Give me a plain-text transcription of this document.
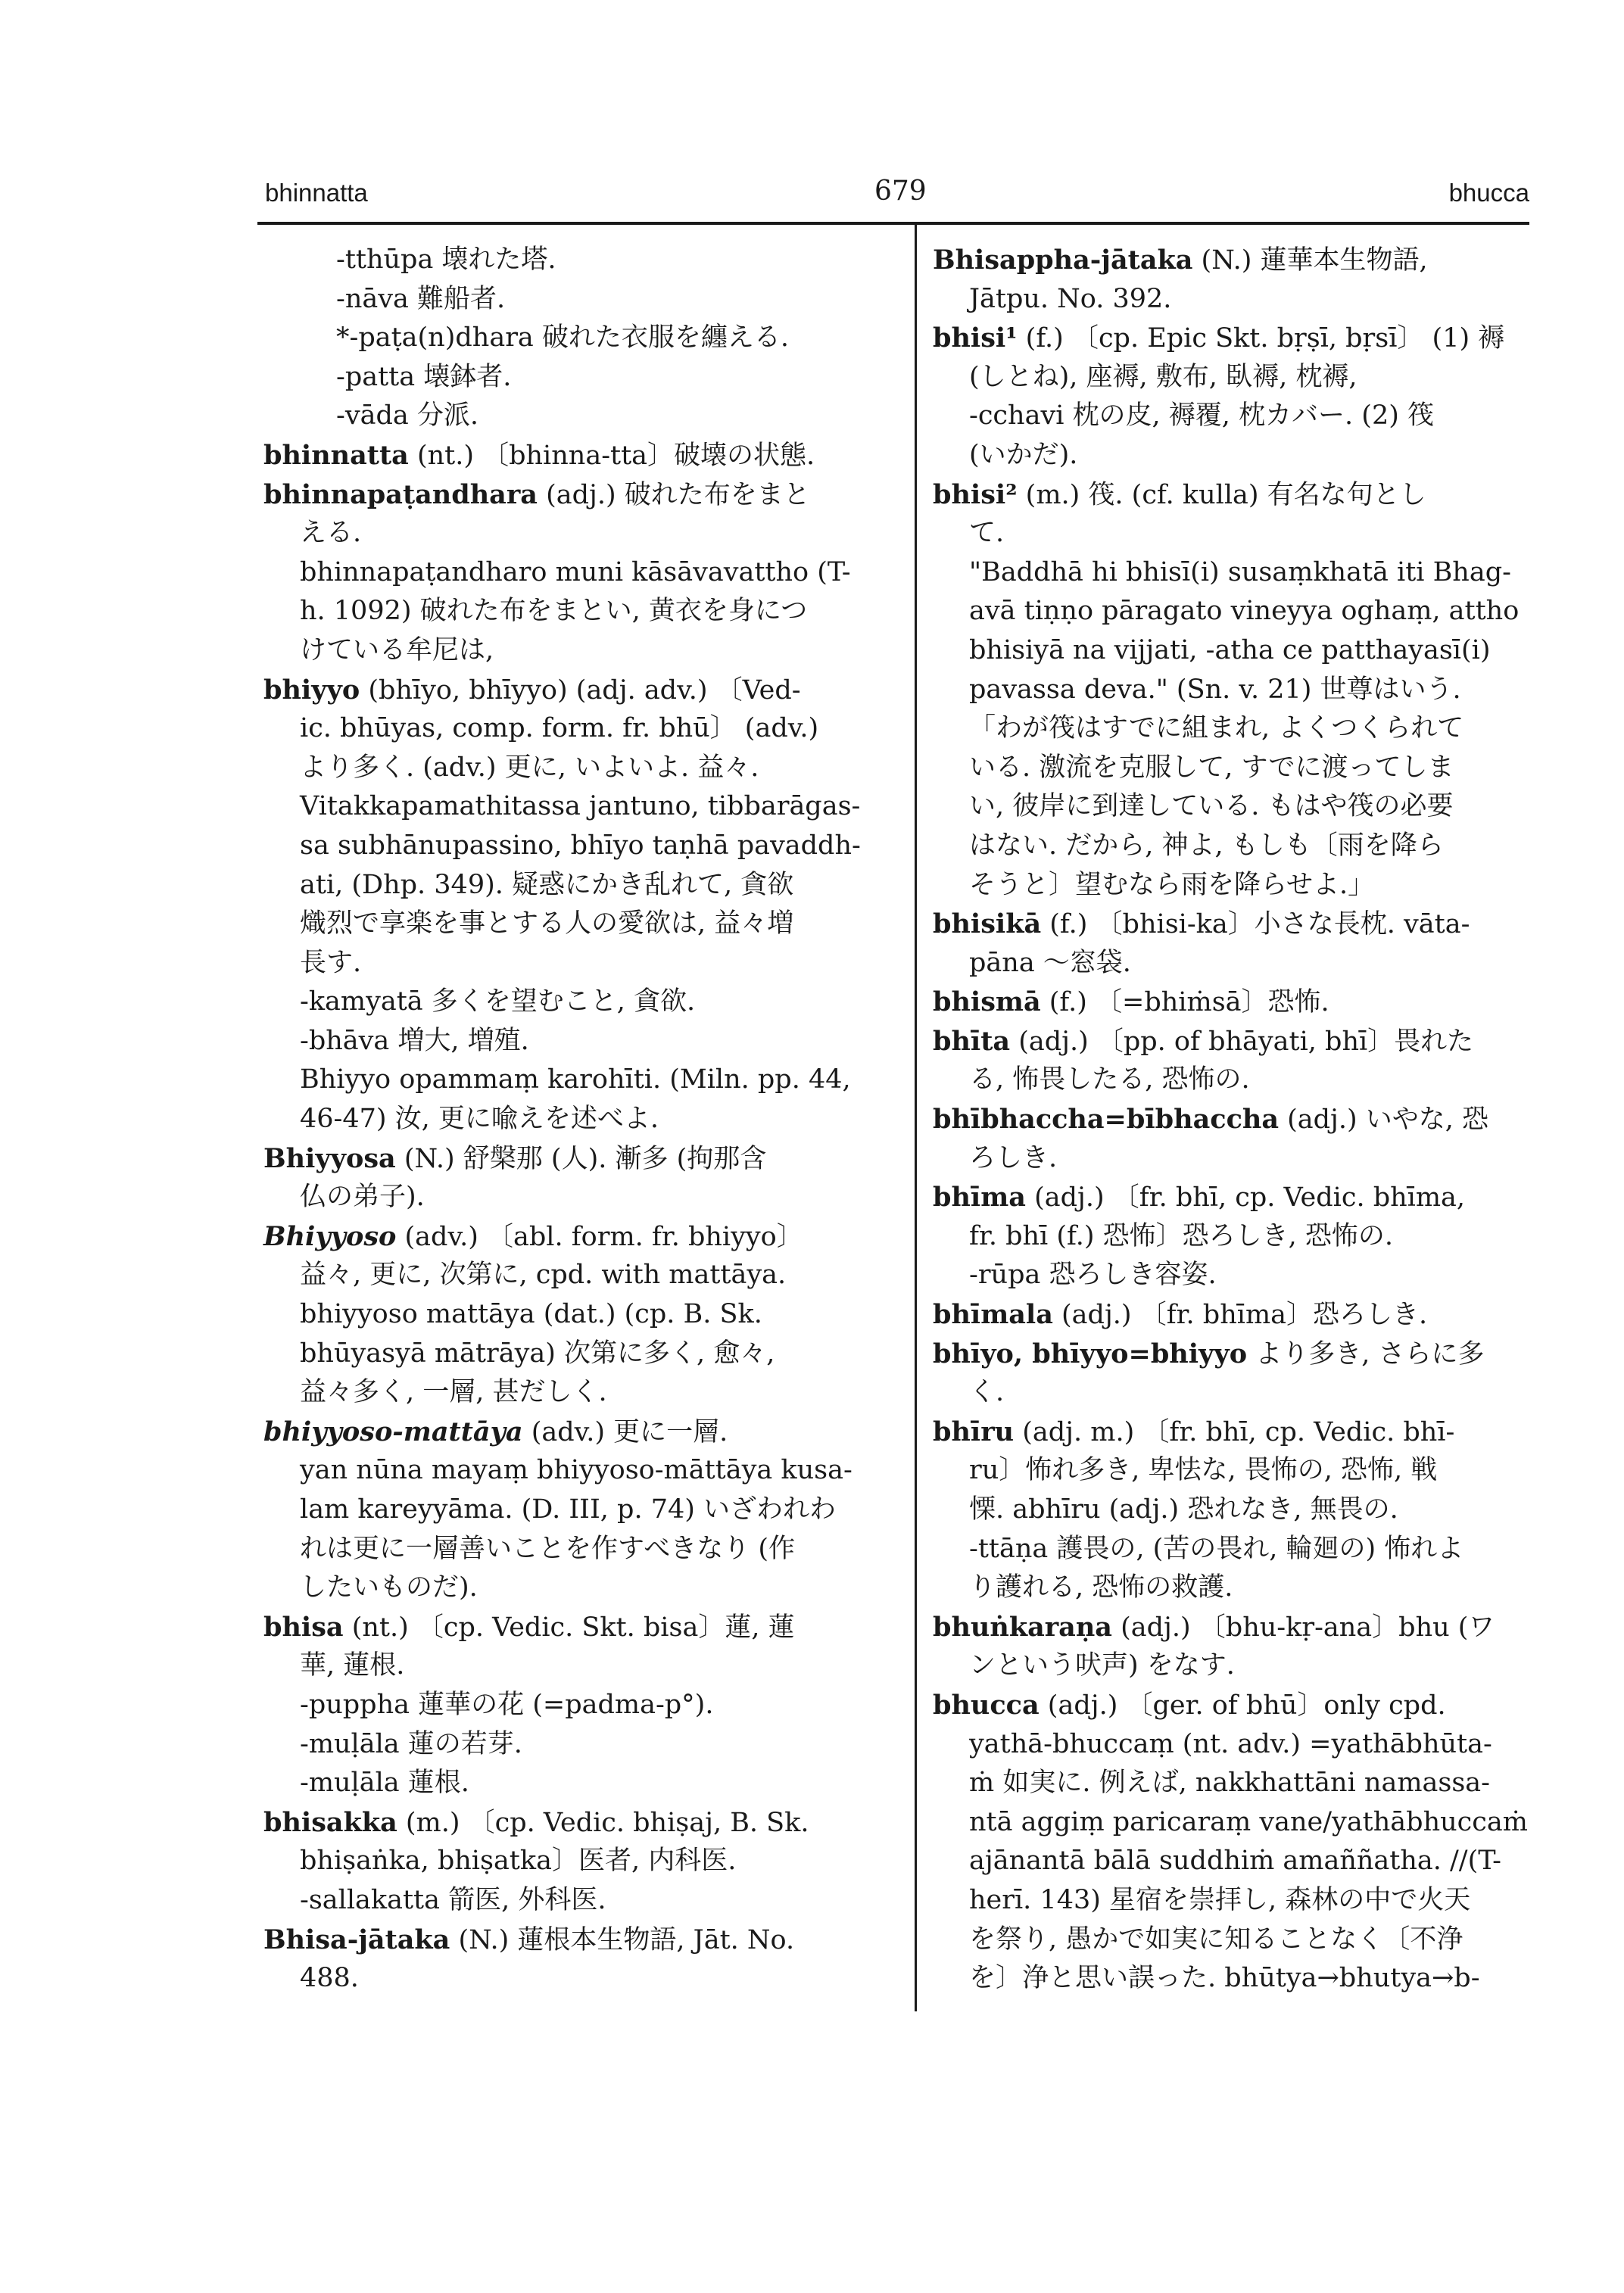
bhinnatta	679	bhucca
-tthūpa 壊れた塔.
-nāva 難船者.
*-paṭa(n)dhara 破れた衣服を纏える.
-patta 壊鉢者.
-vāda 分派.
bhinnatta (nt.) 〔bhinna-tta〕破壊の状態.
bhinnapaṭandhara (adj.) 破れた布をまと
える.
bhinnapaṭandharo muni kāsāvavattho (T-
h. 1092) 破れた布をまとい, 黄衣を身につ
けている牟尼は,
bhiyyo (bhīyo, bhīyyo) (adj. adv.) 〔Ved-
ic. bhūyas, comp. form. fr. bhū〕 (adv.)
より多く. (adv.) 更に, いよいよ. 益々.
Vitakkapamathitassa jantuno, tibbarāgas-
sa subhānupassino, bhīyo taṇhā pavaddh-
ati, (Dhp. 349). 疑惑にかき乱れて, 貪欲
熾烈で享楽を事とする人の愛欲は, 益々増
長す.
-kamyatā 多くを望むこと, 貪欲.
-bhāva 増大, 増殖.
Bhiyyo opammaṃ karohīti. (Miln. pp. 44,
46-47) 汝, 更に喩えを述べよ.
Bhiyyosa (N.) 舒槃那 (人). 漸多 (拘那含
仏の弟子).
Bhiyyoso (adv.) 〔abl. form. fr. bhiyyo〕
益々, 更に, 次第に, cpd. with mattāya.
bhiyyoso mattāya (dat.) (cp. B. Sk.
bhūyasyā mātrāya) 次第に多く, 愈々,
益々多く, 一層, 甚だしく.
bhiyyoso-mattāya (adv.) 更に一層.
yan nūna mayaṃ bhiyyoso-māttāya kusa-
lam kareyyāma. (D. III, p. 74) いざわれわ
れは更に一層善いことを作すべきなり (作
したいものだ).
bhisa (nt.) 〔cp. Vedic. Skt. bisa〕蓮, 蓮
華, 蓮根.
-puppha 蓮華の花 (=padma-p°).
-muḷāla 蓮の若芽.
-muḷāla 蓮根.
bhisakka (m.) 〔cp. Vedic. bhiṣaj, B. Sk.
bhiṣaṅka, bhiṣatka〕医者, 内科医.
-sallakatta 箭医, 外科医.
Bhisa-jātaka (N.) 蓮根本生物語, Jāt. No.
488.
Bhisappha-jātaka (N.) 蓮華本生物語,
Jātpu. No. 392.
bhisi¹ (f.) 〔cp. Epic Skt. bṛṣī, bṛsī〕 (1) 褥
(しとね), 座褥, 敷布, 臥褥, 枕褥,
-cchavi 枕の皮, 褥覆, 枕カバー. (2) 筏
(いかだ).
bhisi² (m.) 筏. (cf. kulla) 有名な句とし
て.
"Baddhā hi bhisī(i) susaṃkhatā iti Bhag-
avā tiṇṇo pāragato vineyya oghaṃ, attho
bhisiyā na vijjati, -atha ce patthayasī(i)
pavassa deva." (Sn. v. 21) 世尊はいう.
「わが筏はすでに組まれ, よくつくられて
いる. 激流を克服して, すでに渡ってしま
い, 彼岸に到達している. もはや筏の必要
はない. だから, 神よ, もしも〔雨を降ら
そうと〕望むなら雨を降らせよ.」
bhisikā (f.) 〔bhisi-ka〕小さな長枕. vāta-
pāna 〜窓袋.
bhismā (f.) 〔=bhiṁsā〕恐怖.
bhīta (adj.) 〔pp. of bhāyati, bhī〕畏れた
る, 怖畏したる, 恐怖の.
bhībhaccha=bībhaccha (adj.) いやな, 恐
ろしき.
bhīma (adj.) 〔fr. bhī, cp. Vedic. bhīma,
fr. bhī (f.) 恐怖〕恐ろしき, 恐怖の.
-rūpa 恐ろしき容姿.
bhīmala (adj.) 〔fr. bhīma〕恐ろしき.
bhīyo, bhīyyo=bhiyyo より多き, さらに多
く.
bhīru (adj. m.) 〔fr. bhī, cp. Vedic. bhī-
ru〕怖れ多き, 卑怯な, 畏怖の, 恐怖, 戦
慄. abhīru (adj.) 恐れなき, 無畏の.
-ttāṇa 護畏の, (苦の畏れ, 輪廻の) 怖れよ
り護れる, 恐怖の救護.
bhuṅkaraṇa (adj.) 〔bhu-kṛ-ana〕bhu (ワ
ンという吠声) をなす.
bhucca (adj.) 〔ger. of bhū〕only cpd.
yathā-bhuccaṃ (nt. adv.) =yathābhūta-
ṁ 如実に. 例えば, nakkhattāni namassa-
ntā aggiṃ paricaraṃ vane/yathābhuccaṁ
ajānantā bālā suddhiṁ amaññatha. //(T-
herī. 143) 星宿を崇拝し, 森林の中で火天
を祭り, 愚かで如実に知ることなく〔不浄
を〕浄と思い誤った. bhūtya→bhutya→b-
